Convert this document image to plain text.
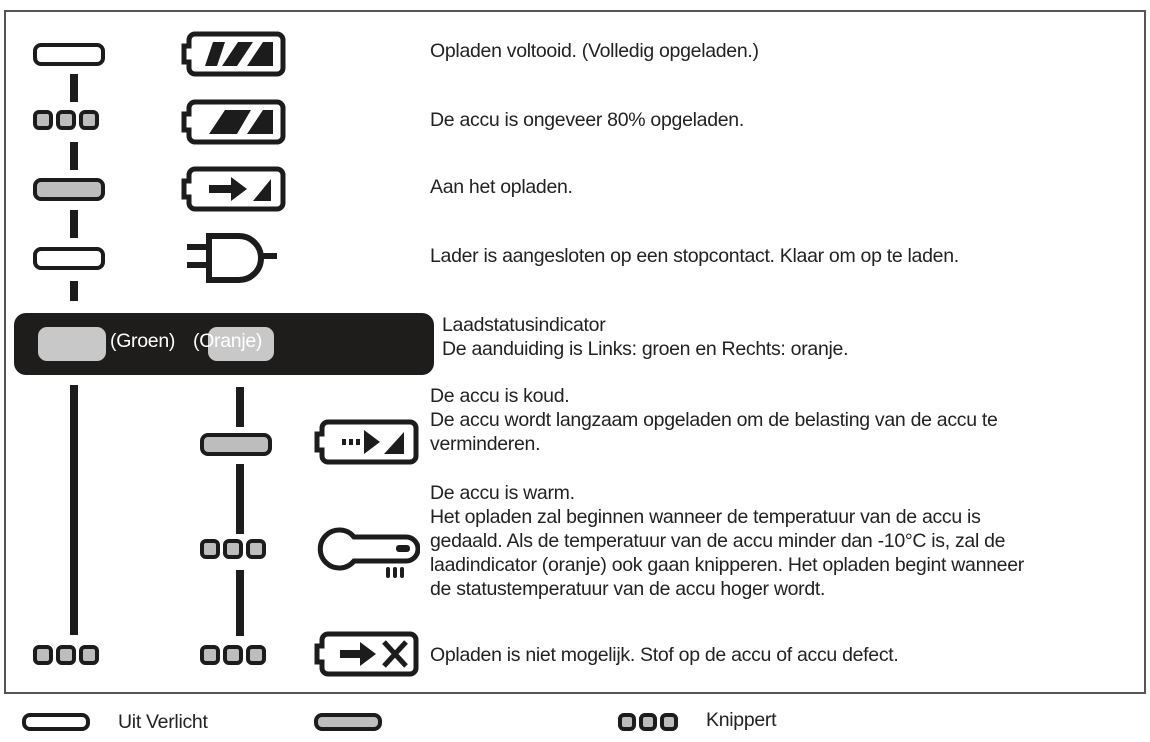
Opladen voltooid. (Volledig opgeladen.)
De accu is ongeveer 80% opgeladen.
Aan het opladen.
Lader is aangesloten op een stopcontact. Klaar om op te laden.
(Groen) (Oranje)
Laadstatusindicator
De aanduiding is Links: groen en Rechts: oranje.
De accu is koud.
De accu wordt langzaam opgeladen om de belasting van de accu te
verminderen.
De accu is warm.
Het opladen zal beginnen wanneer de temperatuur van de accu is
gedaald. Als de temperatuur van de accu minder dan -10°C is, zal de
laadindicator (oranje) ook gaan knipperen. Het opladen begint wanneer
de statustemperatuur van de accu hoger wordt.
Opladen is niet mogelijk. Stof op de accu of accu defect.
Uit Verlicht	Knippert
